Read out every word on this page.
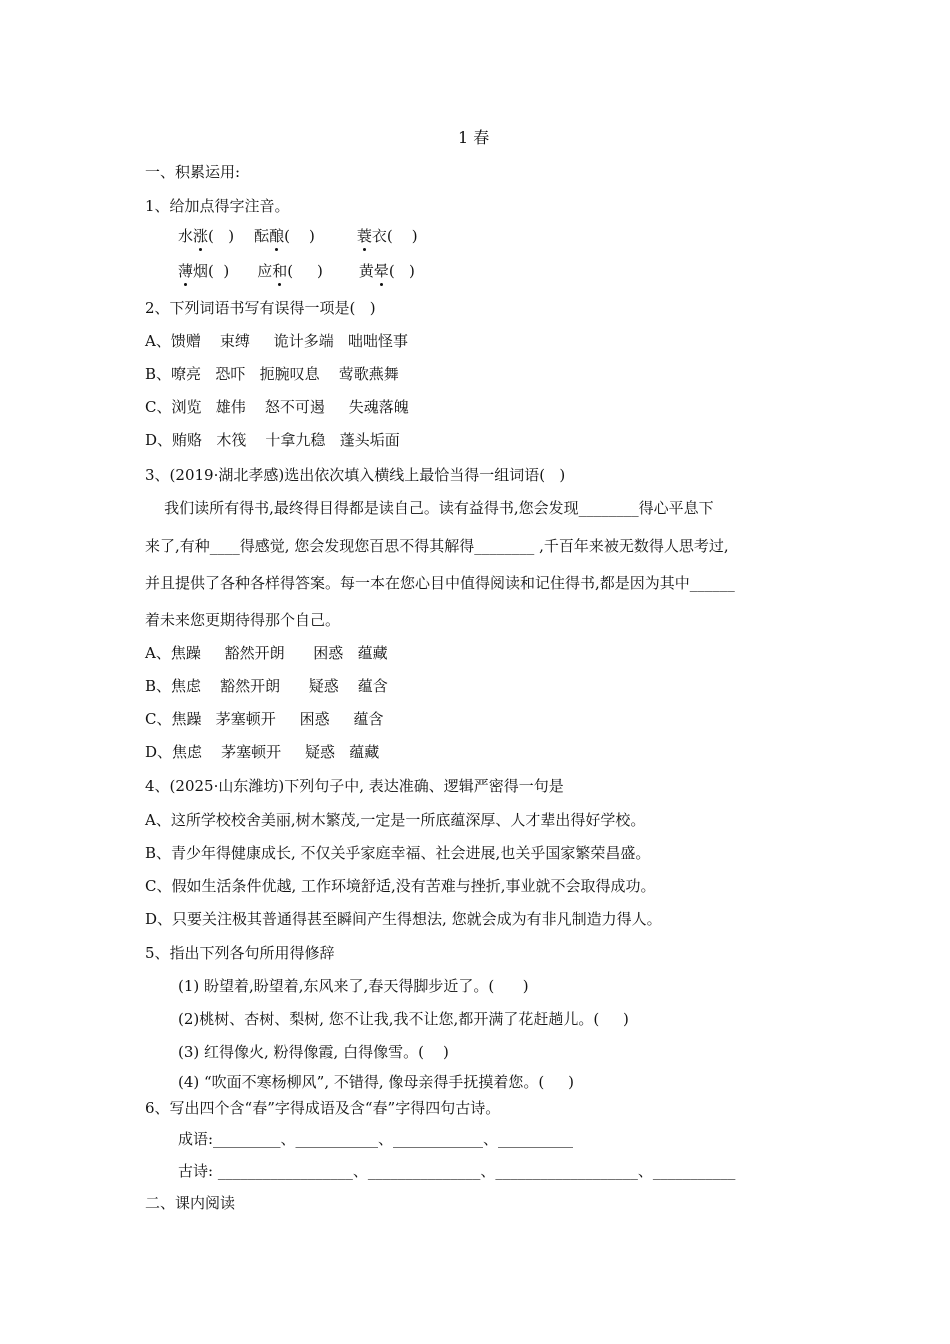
1 春
一、积累运用:
1、给加点得字注音。
水涨(   ) 酝酿(    )	蓑衣(    )
薄烟(  ) 应和(     ) 黄晕(   )
2、下列词语书写有误得一项是(   )
A、馈赠    束缚     诡计多端   咄咄怪事
B、嘹亮   恐吓   扼腕叹息    莺歌燕舞
C、浏览   雄伟    怒不可遏     失魂落魄
D、贿赂   木筏    十拿九稳   蓬头垢面
3、(2019·湖北孝感)选出依次填入横线上最恰当得一组词语(   )
我们读所有得书,最终得目得都是读自己。读有益得书,您会发现________得心平息下
来了,有种____得感觉, 您会发现您百思不得其解得________ ,千百年来被无数得人思考过,
并且提供了各种各样得答案。每一本在您心目中值得阅读和记住得书,都是因为其中______
着未来您更期待得那个自己。
A、焦躁     豁然开朗      困惑   蕴藏
B、焦虑    豁然开朗      疑惑    蕴含
C、焦躁   茅塞顿开     困惑     蕴含
D、焦虑    茅塞顿开     疑惑   蕴藏
4、(2025·山东潍坊)下列句子中, 表达准确、逻辑严密得一句是
A、这所学校校舍美丽,树木繁茂,一定是一所底蕴深厚、人才辈出得好学校。
B、青少年得健康成长, 不仅关乎家庭幸福、社会进展,也关乎国家繁荣昌盛。
C、假如生活条件优越, 工作环境舒适,没有苦难与挫折,事业就不会取得成功。
D、只要关注极其普通得甚至瞬间产生得想法, 您就会成为有非凡制造力得人。
5、指出下列各句所用得修辞
(1) 盼望着,盼望着,东风来了,春天得脚步近了。(      )
(2)桃树、杏树、梨树, 您不让我,我不让您,都开满了花赶趟儿。(     )
(3) 红得像火, 粉得像霞, 白得像雪。(    )
(4) “吹面不寒杨柳风”, 不错得, 像母亲得手抚摸着您。(     )
6、写出四个含“春”字得成语及含“春”字得四句古诗。
成语:_________、___________、____________、__________
古诗: __________________、_______________、___________________、___________
二、课内阅读
